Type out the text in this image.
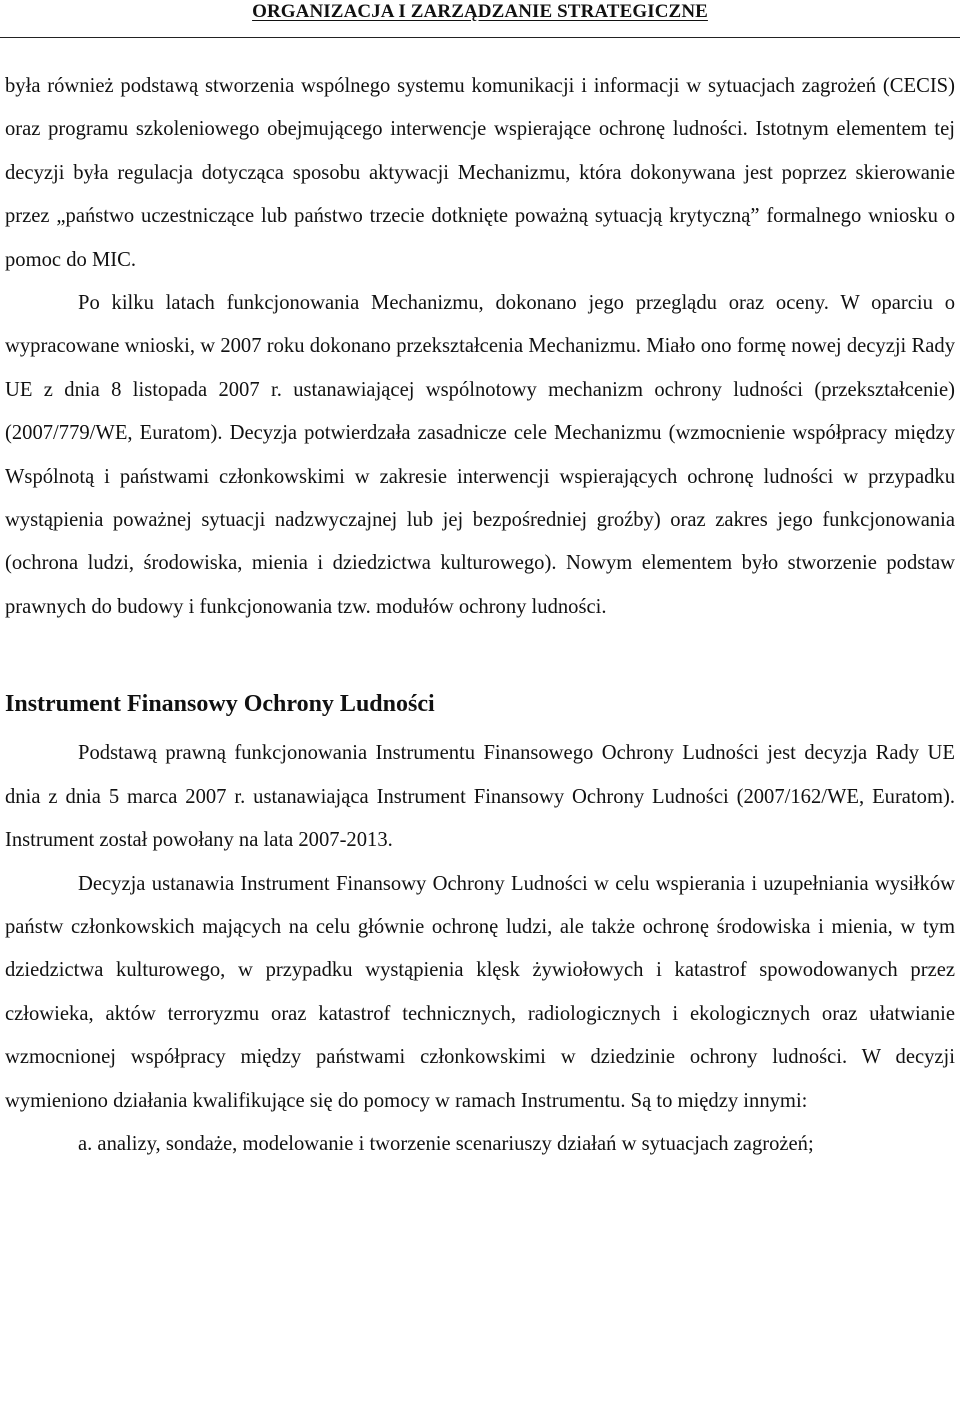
ORGANIZACJA I ZARZĄDZANIE STRATEGICZNE

była również podstawą stworzenia wspólnego systemu komunikacji i informacji w sytuacjach zagrożeń (CECIS) oraz programu szkoleniowego obejmującego interwencje wspierające ochronę ludności. Istotnym elementem tej decyzji była regulacja dotycząca sposobu aktywacji Mechanizmu, która dokonywana jest poprzez skierowanie przez „państwo uczestniczące lub państwo trzecie dotknięte poważną sytuacją krytyczną” formalnego wniosku o pomoc do MIC.

Po kilku latach funkcjonowania Mechanizmu, dokonano jego przeglądu oraz oceny. W oparciu o wypracowane wnioski, w 2007 roku dokonano przekształcenia Mechanizmu. Miało ono formę nowej decyzji Rady UE z dnia 8 listopada 2007 r. ustanawiającej wspólnotowy mechanizm ochrony ludności (przekształcenie) (2007/779/WE, Euratom). Decyzja potwierdzała zasadnicze cele Mechanizmu (wzmocnienie współpracy między Wspólnotą i państwami członkowskimi w zakresie interwencji wspierających ochronę ludności w przypadku wystąpienia poważnej sytuacji nadzwyczajnej lub jej bezpośredniej groźby) oraz zakres jego funkcjonowania (ochrona ludzi, środowiska, mienia i dziedzictwa kulturowego). Nowym elementem było stworzenie podstaw prawnych do budowy i funkcjonowania tzw. modułów ochrony ludności.

Instrument Finansowy Ochrony Ludności

Podstawą prawną funkcjonowania Instrumentu Finansowego Ochrony Ludności jest decyzja Rady UE dnia z dnia 5 marca 2007 r. ustanawiająca Instrument Finansowy Ochrony Ludności (2007/162/WE, Euratom). Instrument został powołany na lata 2007-2013.

Decyzja ustanawia Instrument Finansowy Ochrony Ludności w celu wspierania i uzupełniania wysiłków państw członkowskich mających na celu głównie ochronę ludzi, ale także ochronę środowiska i mienia, w tym dziedzictwa kulturowego, w przypadku wystąpienia klęsk żywiołowych i katastrof spowodowanych przez człowieka, aktów terroryzmu oraz katastrof technicznych, radiologicznych i ekologicznych oraz ułatwianie wzmocnionej współpracy między państwami członkowskimi w dziedzinie ochrony ludności. W decyzji wymieniono działania kwalifikujące się do pomocy w ramach Instrumentu. Są to między innymi:

a. analizy, sondaże, modelowanie i tworzenie scenariuszy działań w sytuacjach zagrożeń;
